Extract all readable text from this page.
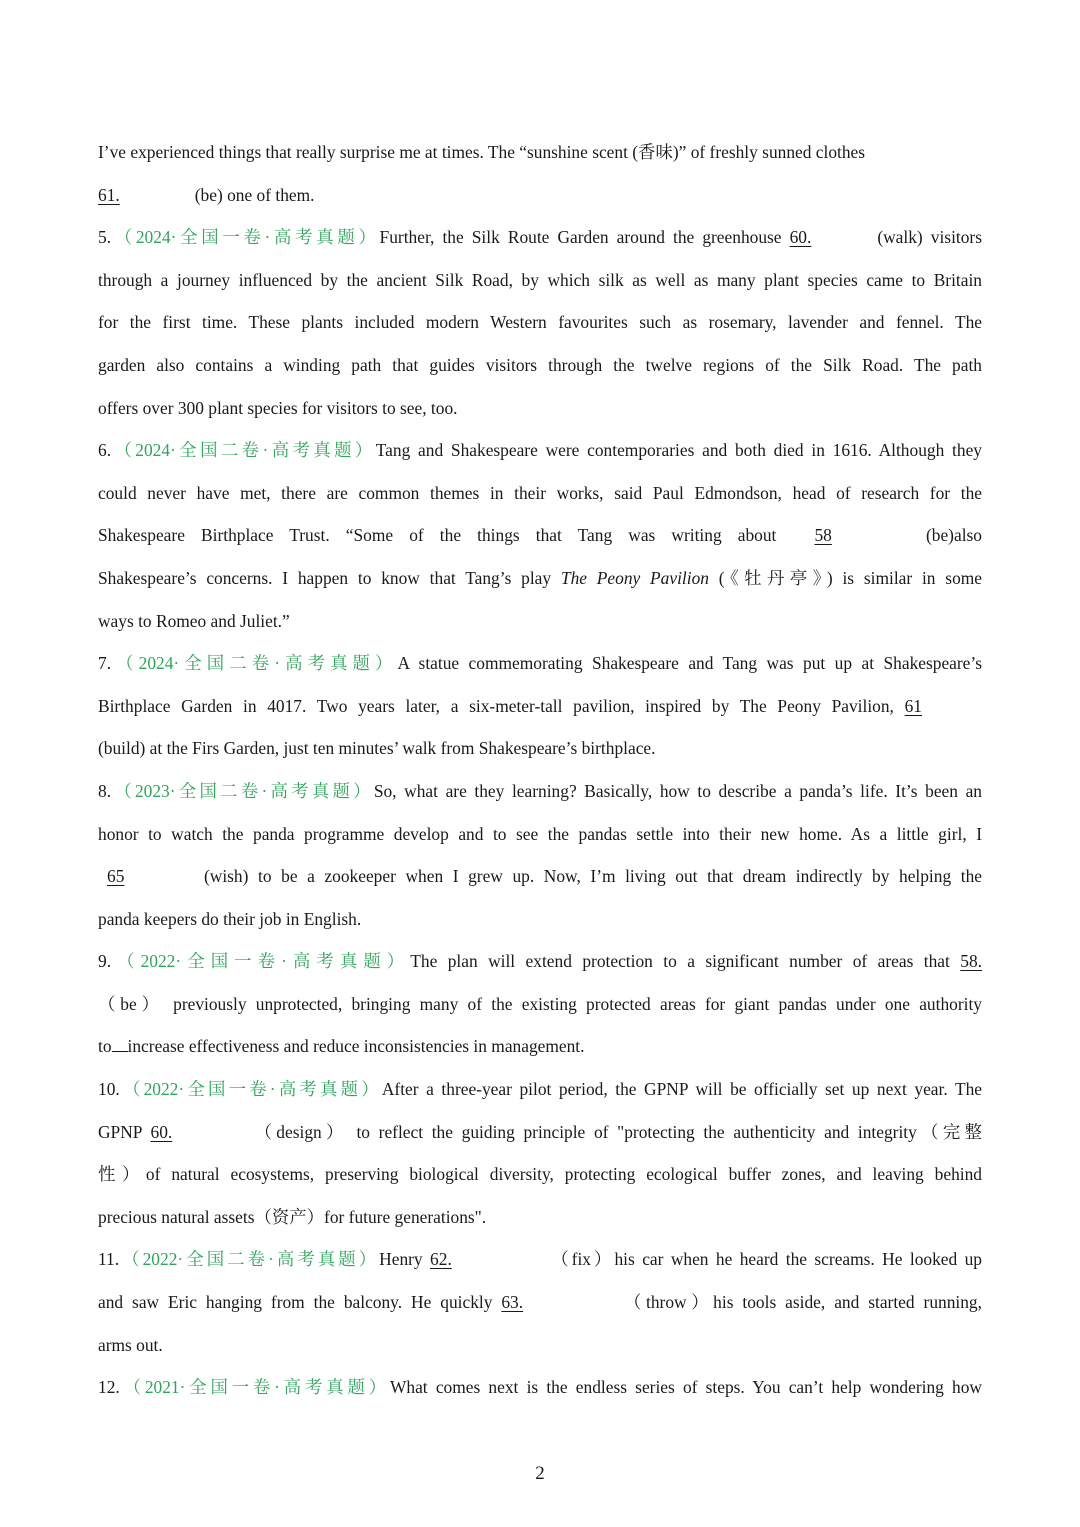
I’ve experienced things that really surprise me at times. The “sunshine scent (香味)” of freshly sunned clothes
61.	(be) one of them.
5.（2024·全国一卷·高考真题）Further, the Silk Route Garden around the greenhouse 60.	(walk) visitors
through a journey influenced by the ancient Silk Road, by which silk as well as many plant species came to Britain
for the first time. These plants included modern Western favourites such as rosemary, lavender and fennel. The
garden also contains a winding path that guides visitors through the twelve regions of the Silk Road. The path
offers over 300 plant species for visitors to see, too.
6.（2024·全国二卷·高考真题）Tang and Shakespeare were contemporaries and both died in 1616. Although they
could never have met, there are common themes in their works, said Paul Edmondson, head of research for the
Shakespeare Birthplace Trust. “Some of the things that Tang was writing about 58	(be)also
Shakespeare’s concerns. I happen to know that Tang’s play The Peony Pavilion (《牡丹亭》) is similar in some
ways to Romeo and Juliet.”
7.（2024·全国二卷·高考真题）A statue commemorating Shakespeare and Tang was put up at Shakespeare’s
Birthplace Garden in 4017. Two years later, a six-meter-tall pavilion, inspired by The Peony Pavilion, 61
(build) at the Firs Garden, just ten minutes’ walk from Shakespeare’s birthplace.
8.（2023·全国二卷·高考真题）So, what are they learning? Basically, how to describe a panda’s life. It’s been an
honor to watch the panda programme develop and to see the pandas settle into their new home. As a little girl, I
65	(wish) to be a zookeeper when I grew up. Now, I’m living out that dream indirectly by helping the
panda keepers do their job in English.
9.（2022·全国一卷·高考真题）The plan will extend protection to a significant number of areas that 58.
（be） previously unprotected, bringing many of the existing protected areas for giant pandas under one authority
to increase effectiveness and reduce inconsistencies in management.
10.（2022·全国一卷·高考真题）After a three-year pilot period, the GPNP will be officially set up next year. The
GPNP 60.	（design） to reflect the guiding principle of "protecting the authenticity and integrity（完整
性）of natural ecosystems, preserving biological diversity, protecting ecological buffer zones, and leaving behind
precious natural assets（资产）for future generations".
11.（2022·全国二卷·高考真题）Henry 62.	（fix）his car when he heard the screams. He looked up
and saw Eric hanging from the balcony. He quickly 63.	（throw）his tools aside, and started running,
arms out.
12.（2021·全国一卷·高考真题）What comes next is the endless series of steps. You can’t help wondering how
2
